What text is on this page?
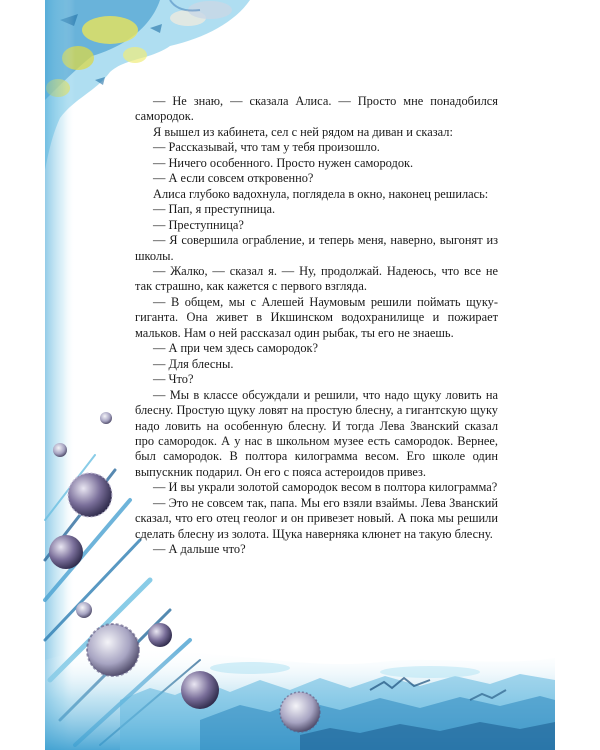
— Не знаю, — сказала Алиса. — Просто мне понадобился самородок.

Я вышел из кабинета, сел с ней рядом на диван и сказал:

— Рассказывай, что там у тебя произошло.

— Ничего особенного. Просто нужен самородок.

— А если совсем откровенно?

Алиса глубоко вадохнула, поглядела в окно, наконец решилась:

— Пап, я преступница.

— Преступница?

— Я совершила ограбление, и теперь меня, наверно, выгонят из школы.

— Жалко, — сказал я. — Ну, продолжай. Надеюсь, что все не так страшно, как кажется с первого взгляда.

— В общем, мы с Алешей Наумовым решили поймать щуку-гиганта. Она живет в Икшинском водохранилище и пожирает мальков. Нам о ней рассказал один рыбак, ты его не знаешь.

— А при чем здесь самородок?

— Для блесны.

— Что?

— Мы в классе обсуждали и решили, что надо щуку ловить на блесну. Простую щуку ловят на простую блесну, а гигантскую щуку надо ловить на особенную блесну. И тогда Лева Званский сказал про самородок. А у нас в школьном музее есть самородок. Вернее, был самородок. В полтора килограмма весом. Его школе один выпускник подарил. Он его с пояса астероидов привез.

— И вы украли золотой самородок весом в полтора килограмма?

— Это не совсем так, папа. Мы его взяли взаймы. Лева Званский сказал, что его отец геолог и он привезет новый. А пока мы решили сделать блесну из золота. Щука наверняка клюнет на такую блесну.

— А дальше что?
